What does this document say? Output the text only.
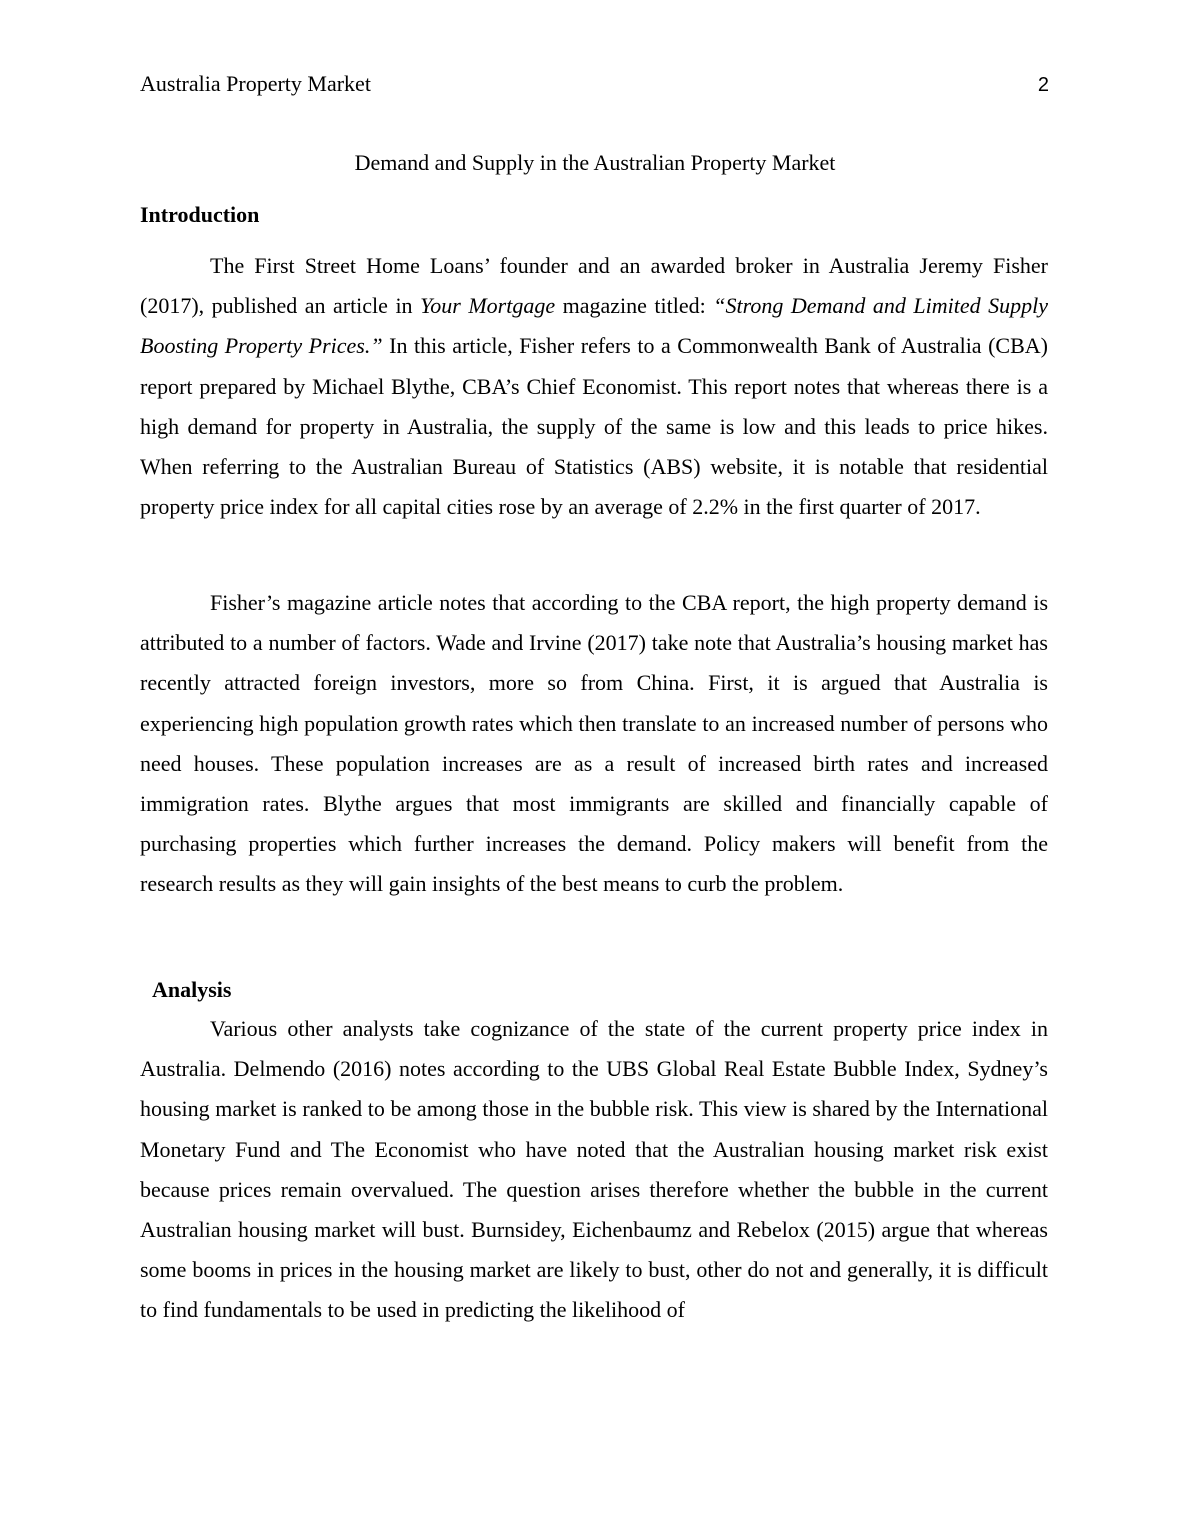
Australia Property Market	2
Demand and Supply in the Australian Property Market
Introduction

The First Street Home Loans’ founder and an awarded broker in Australia Jeremy Fisher (2017), published an article in Your Mortgage magazine titled: “Strong Demand and Limited Supply Boosting Property Prices.” In this article, Fisher refers to a Commonwealth Bank of Australia (CBA) report prepared by Michael Blythe, CBA’s Chief Economist. This report notes that whereas there is a high demand for property in Australia, the supply of the same is low and this leads to price hikes. When referring to the Australian Bureau of Statistics (ABS) website, it is notable that residential property price index for all capital cities rose by an average of 2.2% in the first quarter of 2017.

Fisher’s magazine article notes that according to the CBA report, the high property demand is attributed to a number of factors. Wade and Irvine (2017) take note that Australia’s housing market has recently attracted foreign investors, more so from China. First, it is argued that Australia is experiencing high population growth rates which then translate to an increased number of persons who need houses. These population increases are as a result of increased birth rates and increased immigration rates. Blythe argues that most immigrants are skilled and financially capable of purchasing properties which further increases the demand. Policy makers will benefit from the research results as they will gain insights of the best means to curb the problem.

Analysis

Various other analysts take cognizance of the state of the current property price index in Australia. Delmendo (2016) notes according to the UBS Global Real Estate Bubble Index, Sydney’s housing market is ranked to be among those in the bubble risk. This view is shared by the International Monetary Fund and The Economist who have noted that the Australian housing market risk exist because prices remain overvalued. The question arises therefore whether the bubble in the current Australian housing market will bust. Burnsidey, Eichenbaumz and Rebelox (2015) argue that whereas some booms in prices in the housing market are likely to bust, other do not and generally, it is difficult to find fundamentals to be used in predicting the likelihood of
